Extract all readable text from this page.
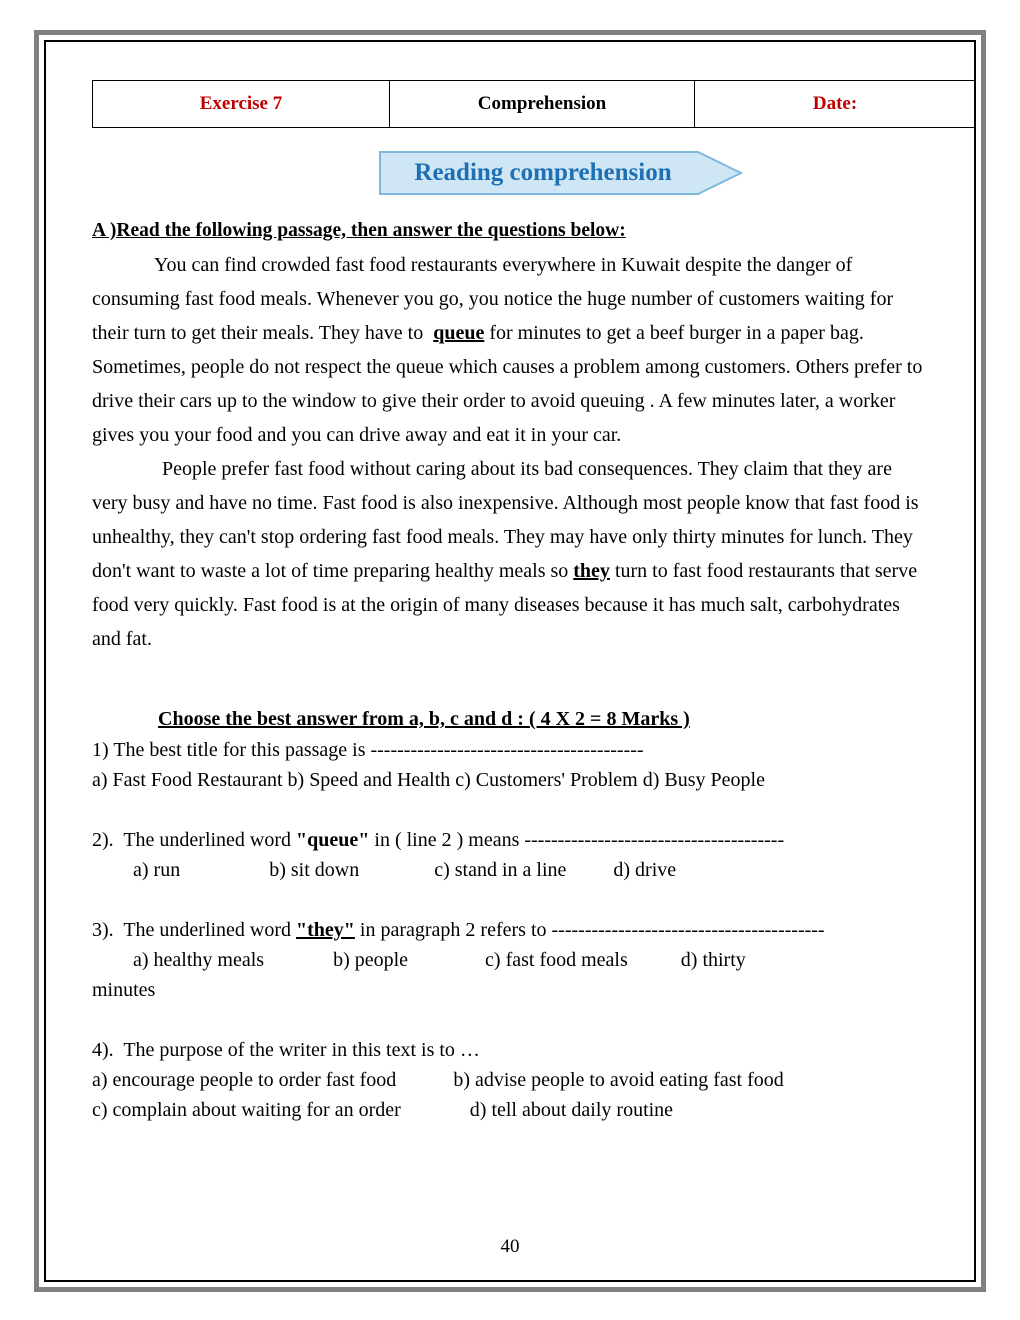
Exercise 7	Comprehension	Date:
Reading comprehension
A )Read the following passage, then answer the questions below:

You can find crowded fast food restaurants everywhere in Kuwait despite the danger of consuming fast food meals. Whenever you go, you notice the huge number of customers waiting for their turn to get their meals. They have to queue for minutes to get a beef burger in a paper bag. Sometimes, people do not respect the queue which causes a problem among customers. Others prefer to drive their cars up to the window to give their order to avoid queuing . A few minutes later, a worker gives you your food and you can drive away and eat it in your car.

People prefer fast food without caring about its bad consequences. They claim that they are very busy and have no time. Fast food is also inexpensive. Although most people know that fast food is unhealthy, they can't stop ordering fast food meals. They may have only thirty minutes for lunch. They don't want to waste a lot of time preparing healthy meals so they turn to fast food restaurants that serve food very quickly. Fast food is at the origin of many diseases because it has much salt, carbohydrates and fat.

Choose the best answer from a, b, c and d : ( 4 X 2 = 8 Marks )
1) The best title for this passage is -----------------------------------------
a) Fast Food Restaurant b) Speed and Health c) Customers' Problem d) Busy People
2). The underlined word "queue" in ( line 2 ) means ---------------------------------------
a) run	b) sit down	c) stand in a line d) drive
3). The underlined word "they" in paragraph 2 refers to -----------------------------------------
a) healthy meals	b) people	c) fast food meals	d) thirty
minutes
4). The purpose of the writer in this text is to …
a) encourage people to order fast food	b) advise people to avoid eating fast food
c) complain about waiting for an order	d) tell about daily routine
40
